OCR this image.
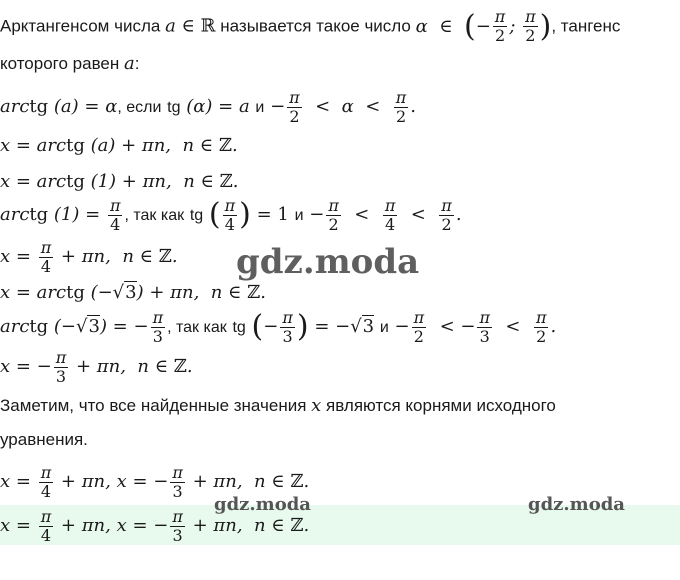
Арктангенсом числа a ∈ ℝ называется такое число α  ∈  (− $\frac{\pi}{2}$ ; $\frac{\pi}{2}$ ), тангенс
которого равен a:
arctg (a) = α, если tg (α) = a $и - \frac{\pi}{2} < \alpha < \frac{\pi}{2}$ .
x = arctg (a) + πn,  n ∈ ℤ.
x = arctg (1) + πn,  n ∈ ℤ.
arctg $(1) = \frac{\pi}{4}$ , так как tg ( $\frac{\pi}{4}$ ) = 1 $и - \frac{\pi}{2} < \frac{\pi}{4} < \frac{\pi}{2}$ .
$x = \frac{\pi}{4} + \pi n$,  n ∈ ℤ.
x = arctg (−√3) + πn,  n ∈ ℤ.
arctg (−√3) = − $\frac{\pi}{3}$ , так как tg (− $\frac{\pi}{3}$ ) = −√3 $и - \frac{\pi}{2}$ < − $\frac{\pi}{3} < \frac{\pi}{2}$ .
x = − $\frac{\pi}{3} + \pi n$,  n ∈ ℤ.
Заметим, что все найденные значения x являются корнями исходного
уравнения.
$x = \frac{\pi}{4} + \pi n$, x = − $\frac{\pi}{3} + \pi n$,  n ∈ ℤ.
$x = \frac{\pi}{4} + \pi n$, x = − $\frac{\pi}{3} + \pi n$,  n ∈ ℤ.
gdz.moda
gdz.moda	gdz.moda
